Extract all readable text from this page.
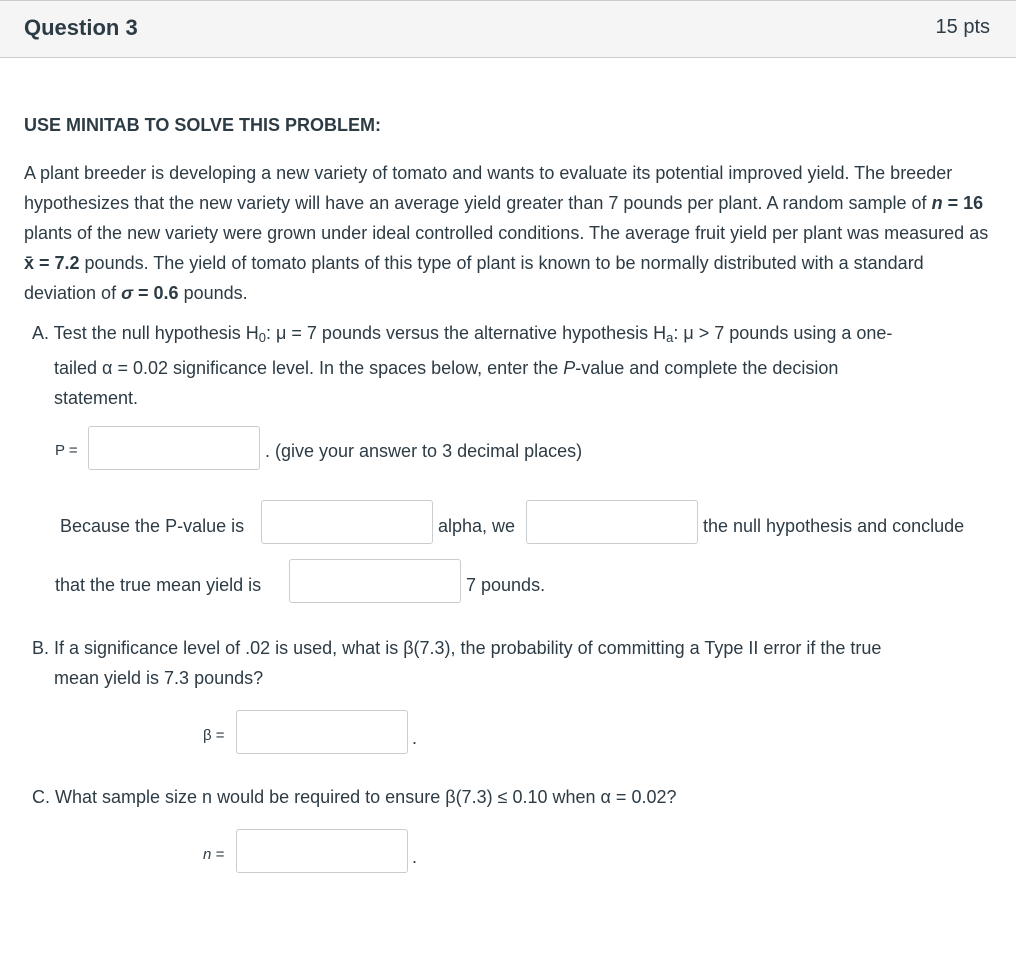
Question 3	15 pts

USE MINITAB TO SOLVE THIS PROBLEM:

A plant breeder is developing a new variety of tomato and wants to evaluate its potential improved yield. The breeder hypothesizes that the new variety will have an average yield greater than 7 pounds per plant. A random sample of n = 16 plants of the new variety were grown under ideal controlled conditions. The average fruit yield per plant was measured as x̄ = 7.2 pounds. The yield of tomato plants of this type of plant is known to be normally distributed with a standard deviation of σ = 0.6 pounds.

A. Test the null hypothesis $H_0$: μ = 7 pounds versus the alternative hypothesis $H_a$: μ > 7 pounds using a one-
tailed α = 0.02 significance level. In the spaces below, enter the P-value and complete the decision
statement.
P =	. (give your answer to 3 decimal places)
Because the P-value is	alpha, we	the null hypothesis and conclude
that the true mean yield is	7 pounds.
B. If a significance level of .02 is used, what is β(7.3), the probability of committing a Type II error if the true
mean yield is 7.3 pounds?
β =	.
C. What sample size n would be required to ensure β(7.3) ≤ 0.10 when α = 0.02?
n =	.
